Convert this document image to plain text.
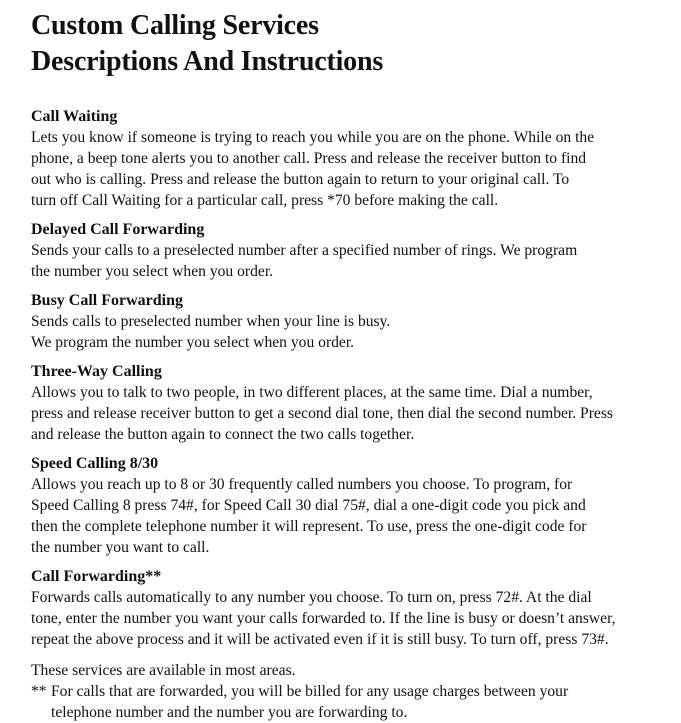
Custom Calling Services
Descriptions And Instructions
Call Waiting

Lets you know if someone is trying to reach you while you are on the phone. While on the
phone, a beep tone alerts you to another call. Press and release the receiver button to find
out who is calling. Press and release the button again to return to your original call. To
turn off Call Waiting for a particular call, press *70 before making the call.

Delayed Call Forwarding

Sends your calls to a preselected number after a specified number of rings. We program
the number you select when you order.

Busy Call Forwarding

Sends calls to preselected number when your line is busy.
We program the number you select when you order.

Three-Way Calling

Allows you to talk to two people, in two different places, at the same time. Dial a number,
press and release receiver button to get a second dial tone, then dial the second number. Press
and release the button again to connect the two calls together.

Speed Calling 8/30

Allows you reach up to 8 or 30 frequently called numbers you choose. To program, for
Speed Calling 8 press 74#, for Speed Call 30 dial 75#, dial a one-digit code you pick and
then the complete telephone number it will represent. To use, press the one-digit code for
the number you want to call.

Call Forwarding**

Forwards calls automatically to any number you choose. To turn on, press 72#. At the dial
tone, enter the number you want your calls forwarded to. If the line is busy or doesn’t answer,
repeat the above process and it will be activated even if it is still busy. To turn off, press 73#.

These services are available in most areas.

** For calls that are forwarded, you will be billed for any usage charges between your
telephone number and the number you are forwarding to.
